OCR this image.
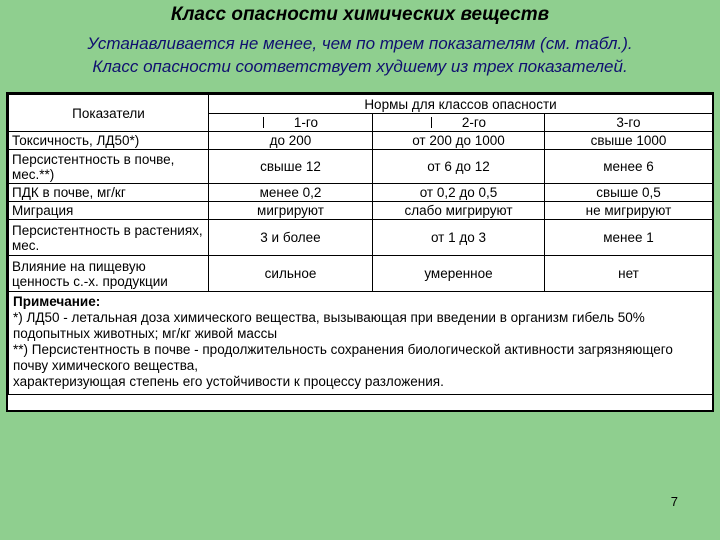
Класс опасности химических веществ
Устанавливается не менее, чем по трем показателям (см. табл.).
Класс опасности соответствует худшему из трех показателей.
Показатели	Нормы для классов опасности		
	1-го	2-го	3-го
Токсичность, ЛД50*)	до 200	от 200 до 1000	свыше 1000
Персистентность в почве, мес.**)	свыше 12	от 6 до 12	менее 6
ПДК в почве, мг/кг	менее 0,2	от 0,2 до 0,5	свыше 0,5
Миграция	мигрируют	слабо мигрируют	не мигрируют
Персистентность в растениях, мес.	3 и более	от 1 до 3	менее 1
Влияние на пищевую ценность с.-х. продукции	сильное	умеренное	нет

Примечание:
*) ЛД50 - летальная доза химического вещества, вызывающая при введении в организм гибель 50% подопытных животных; мг/кг живой массы
**) Персистентность в почве - продолжительность сохранения биологической активности загрязняющего почву химического вещества,
характеризующая степень его устойчивости к процессу разложения.			
7
